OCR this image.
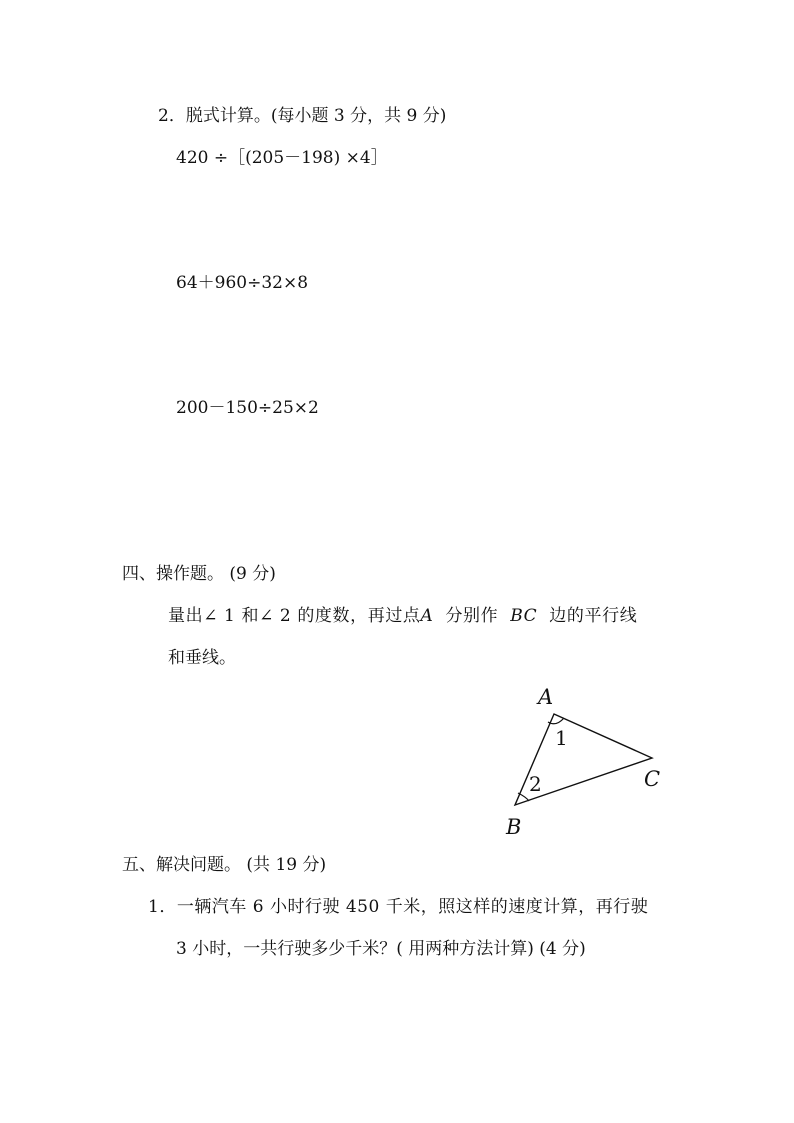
2．脱式计算。(每小题 3 分，共 9 分)
420 ÷［(205－198) ×4］
64＋960÷32×8
200－150÷25×2
四、操作题。 (9 分)
量出∠ 1 和∠ 2 的度数，再过点A  分别作  BC  边的平行线
和垂线。
A
1
C
2
B
五、解决问题。 (共 19 分)
1．一辆汽车 6 小时行驶 450 千米，照这样的速度计算，再行驶
3 小时，一共行驶多少千米？( 用两种方法计算) (4 分)
